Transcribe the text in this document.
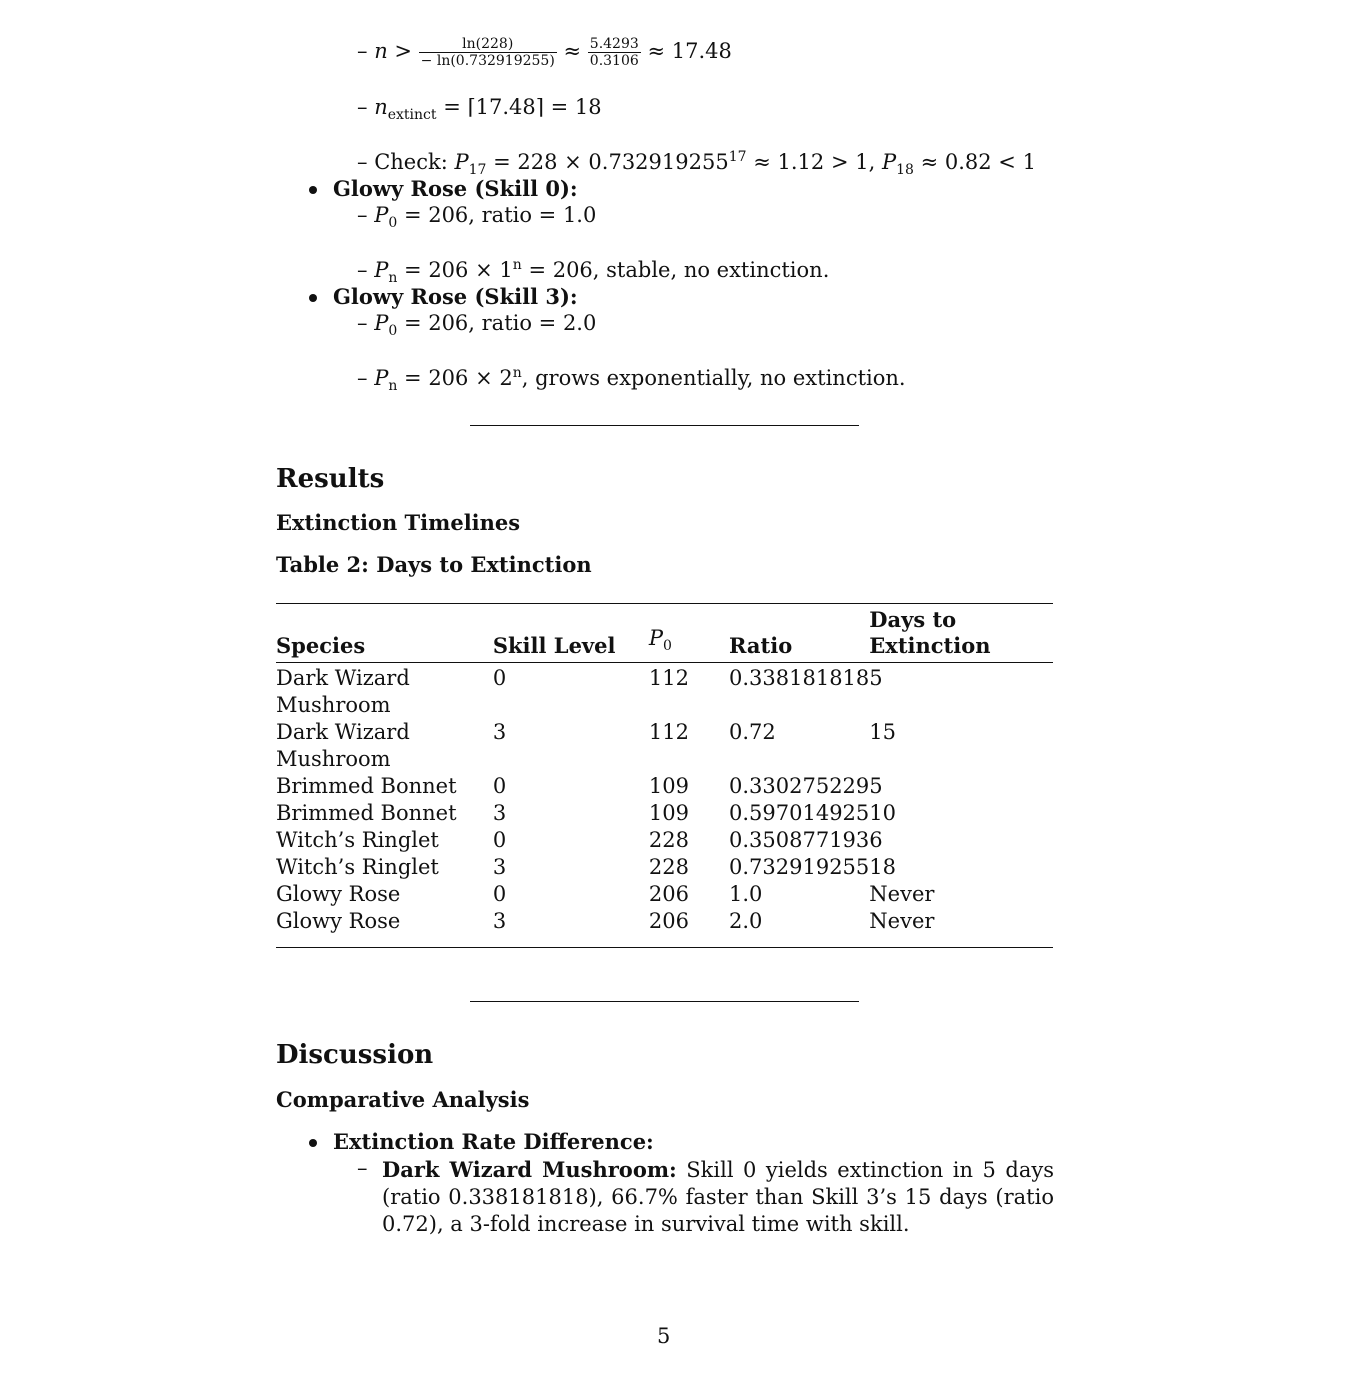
– $n > \frac{\ln(228)}{- \ln(0.732919255)} \approx \frac{5.4293}{0.3106} \approx 17.48$
– $n_{extinct}$ = ⌈17.48⌉ = 18
– Check: $P_{17} = 228 \times 0.732919255^{17} \approx 1.12 > 1$, $P_{18} \approx 0.82 < 1$
Glowy Rose (Skill 0):
– $P_0 = 206$, ratio = 1.0
– $P_n = 206 \times 1^n = 206$, stable, no extinction.
Glowy Rose (Skill 3):
– $P_0 = 206$, ratio = 2.0
– $P_n = 206 \times 2^n$, grows exponentially, no extinction.
Results
Extinction Timelines
Table 2: Days to Extinction
Species	Skill Level	$P_0$	Ratio	Days to
Extinction

Dark Wizard
Mushroom	0	112	0.338181818	5
Dark Wizard
Mushroom	3	112	0.72	15
Brimmed Bonnet	0	109	0.330275229	5
Brimmed Bonnet	3	109	0.597014925	10
Witch’s Ringlet	0	228	0.350877193	6
Witch’s Ringlet	3	228	0.732919255	18
Glowy Rose	0	206	1.0	Never
Glowy Rose	3	206	2.0	Never
Discussion
Comparative Analysis
Extinction Rate Difference:
– Dark Wizard Mushroom: Skill 0 yields extinction in 5 days (ratio 0.338181818), 66.7% faster than Skill 3’s 15 days (ratio 0.72), a 3-fold increase in survival time with skill.
5
